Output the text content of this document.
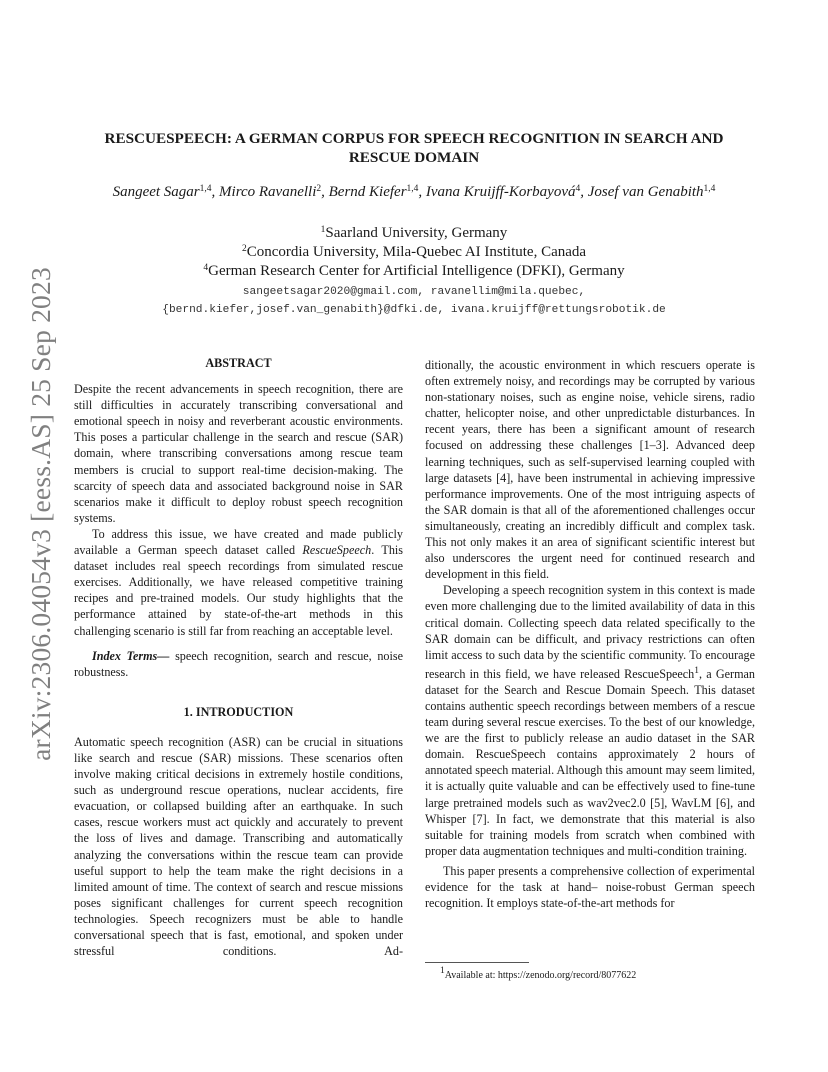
arXiv:2306.04054v3 [eess.AS] 25 Sep 2023
RESCUESPEECH: A GERMAN CORPUS FOR SPEECH RECOGNITION IN SEARCH AND
RESCUE DOMAIN
Sangeet Sagar$^{1,4}$, Mirco Ravanelli$^2$, Bernd Kiefer$^{1,4}$, Ivana Kruijff-Korbayová$^4$, Josef van Genabith$^{1,4}$
$^1$Saarland University, Germany
$^2$Concordia University, Mila-Quebec AI Institute, Canada
$^4$German Research Center for Artificial Intelligence (DFKI), Germany
sangeetsagar2020@gmail.com, ravanellim@mila.quebec,
{bernd.kiefer,josef.van_genabith}@dfki.de, ivana.kruijff@rettungsrobotik.de

ABSTRACT

Despite the recent advancements in speech recognition, there are still difficulties in accurately transcribing conversational and emotional speech in noisy and reverberant acoustic environments. This poses a particular challenge in the search and rescue (SAR) domain, where transcribing conversations among rescue team members is crucial to support real-time decision-making. The scarcity of speech data and associated background noise in SAR scenarios make it difficult to deploy robust speech recognition systems.

To address this issue, we have created and made publicly available a German speech dataset called RescueSpeech. This dataset includes real speech recordings from simulated rescue exercises. Additionally, we have released competitive training recipes and pre-trained models. Our study highlights that the performance attained by state-of-the-art methods in this challenging scenario is still far from reaching an acceptable level.

Index Terms— speech recognition, search and rescue, noise robustness.

1. INTRODUCTION

Automatic speech recognition (ASR) can be crucial in situations like search and rescue (SAR) missions. These scenarios often involve making critical decisions in extremely hostile conditions, such as underground rescue operations, nuclear accidents, fire evacuation, or collapsed building after an earthquake. In such cases, rescue workers must act quickly and accurately to prevent the loss of lives and damage. Transcribing and automatically analyzing the conversations within the rescue team can provide useful support to help the team make the right decisions in a limited amount of time. The context of search and rescue missions poses significant challenges for current speech recognition technologies. Speech recognizers must be able to handle conversational speech that is fast, emotional, and spoken under stressful conditions. Ad-
ditionally, the acoustic environment in which rescuers operate is often extremely noisy, and recordings may be corrupted by various non-stationary noises, such as engine noise, vehicle sirens, radio chatter, helicopter noise, and other unpredictable disturbances. In recent years, there has been a significant amount of research focused on addressing these challenges [1–3]. Advanced deep learning techniques, such as self-supervised learning coupled with large datasets [4], have been instrumental in achieving impressive performance improvements. One of the most intriguing aspects of the SAR domain is that all of the aforementioned challenges occur simultaneously, creating an incredibly difficult and complex task. This not only makes it an area of significant scientific interest but also underscores the urgent need for continued research and development in this field.

Developing a speech recognition system in this context is made even more challenging due to the limited availability of data in this critical domain. Collecting speech data related specifically to the SAR domain can be difficult, and privacy restrictions can often limit access to such data by the scientific community. To encourage research in this field, we have released RescueSpeech$^1$, a German dataset for the Search and Rescue Domain Speech. This dataset contains authentic speech recordings between members of a rescue team during several rescue exercises. To the best of our knowledge, we are the first to publicly release an audio dataset in the SAR domain. RescueSpeech contains approximately 2 hours of annotated speech material. Although this amount may seem limited, it is actually quite valuable and can be effectively used to fine-tune large pretrained models such as wav2vec2.0 [5], WavLM [6], and Whisper [7]. In fact, we demonstrate that this material is also suitable for training models from scratch when combined with proper data augmentation techniques and multi-condition training.

This paper presents a comprehensive collection of experimental evidence for the task at hand– noise-robust German speech recognition. It employs state-of-the-art methods for

$^1$Available at: https://zenodo.org/record/8077622
